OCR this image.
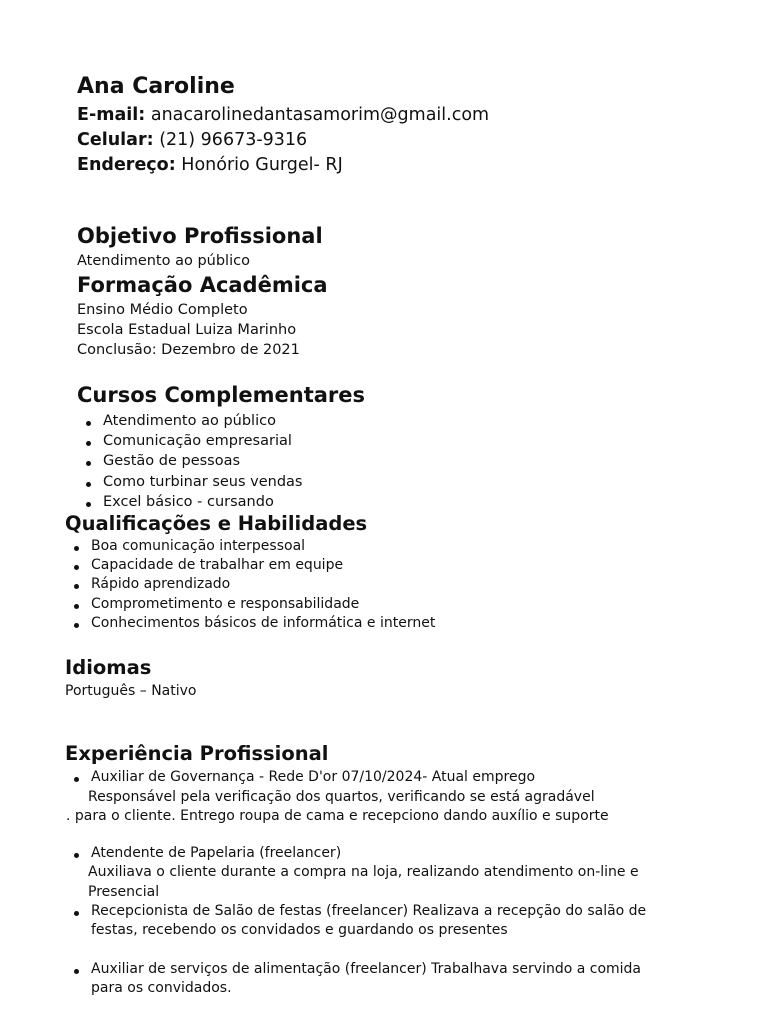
Ana Caroline
E-mail: anacarolinedantasamorim@gmail.com
Celular: (21) 96673-9316
Endereço: Honório Gurgel- RJ
Objetivo Profissional
Atendimento ao público
Formação Acadêmica
Ensino Médio Completo
Escola Estadual Luiza Marinho
Conclusão: Dezembro de 2021
Cursos Complementares
Atendimento ao público
Comunicação empresarial
Gestão de pessoas
Como turbinar seus vendas
Excel básico - cursando
Qualificações e Habilidades
Boa comunicação interpessoal
Capacidade de trabalhar em equipe
Rápido aprendizado
Comprometimento e responsabilidade
Conhecimentos básicos de informática e internet
Idiomas
Português – Nativo
Experiência Profissional
Auxiliar de Governança - Rede D'or 07/10/2024- Atual emprego
Atendente de Papelaria (freelancer)
Recepcionista de Salão de festas (freelancer) Realizava a recepção do salão de
Auxiliar de serviços de alimentação (freelancer) Trabalhava servindo a comida
Responsável pela verificação dos quartos, verificando se está agradável
. para o cliente. Entrego roupa de cama e recepciono dando auxílio e suporte
Auxiliava o cliente durante a compra na loja, realizando atendimento on-line e
Presencial
festas, recebendo os convidados e guardando os presentes
para os convidados.
